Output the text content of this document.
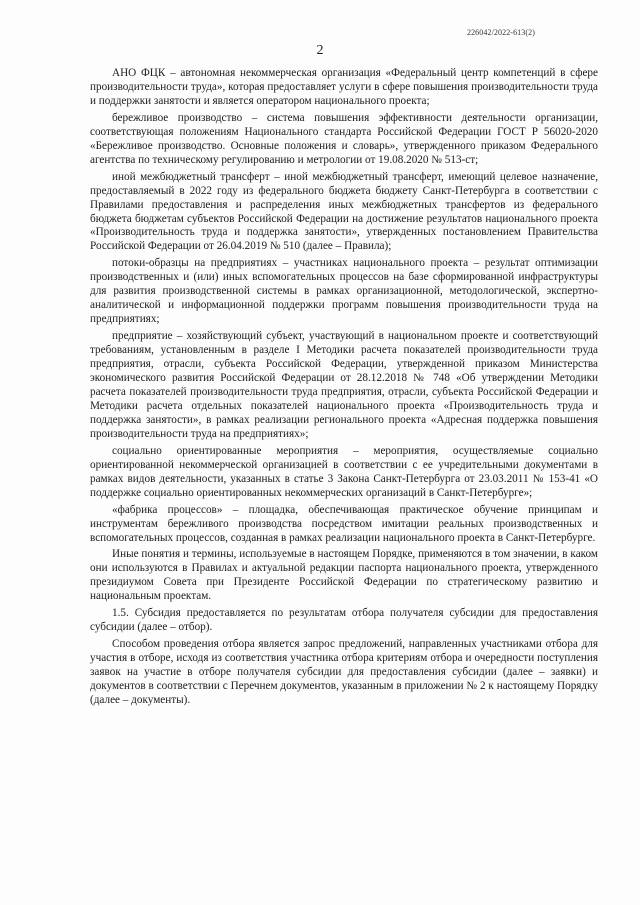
226042/2022-613(2)
2

АНО ФЦК – автономная некоммерческая организация «Федеральный центр компетенций в сфере производительности труда», которая предоставляет услуги в сфере повышения производительности труда и поддержки занятости и является оператором национального проекта;

бережливое производство – система повышения эффективности деятельности организации, соответствующая положениям Национального стандарта Российской Федерации ГОСТ Р 56020-2020 «Бережливое производство. Основные положения и словарь», утвержденного приказом Федерального агентства по техническому регулированию и метрологии от 19.08.2020 № 513-ст;

иной межбюджетный трансферт – иной межбюджетный трансферт, имеющий целевое назначение, предоставляемый в 2022 году из федерального бюджета бюджету Санкт-Петербурга в соответствии с Правилами предоставления и распределения иных межбюджетных трансфертов из федерального бюджета бюджетам субъектов Российской Федерации на достижение результатов национального проекта «Производительность труда и поддержка занятости», утвержденных постановлением Правительства Российской Федерации от 26.04.2019 № 510 (далее – Правила);

потоки-образцы на предприятиях – участниках национального проекта – результат оптимизации производственных и (или) иных вспомогательных процессов на базе сформированной инфраструктуры для развития производственной системы в рамках организационной, методологической, экспертно-аналитической и информационной поддержки программ повышения производительности труда на предприятиях;

предприятие – хозяйствующий субъект, участвующий в национальном проекте и соответствующий требованиям, установленным в разделе I Методики расчета показателей производительности труда предприятия, отрасли, субъекта Российской Федерации, утвержденной приказом Министерства экономического развития Российской Федерации от 28.12.2018 № 748 «Об утверждении Методики расчета показателей производительности труда предприятия, отрасли, субъекта Российской Федерации и Методики расчета отдельных показателей национального проекта «Производительность труда и поддержка занятости», в рамках реализации регионального проекта «Адресная поддержка повышения производительности труда на предприятиях»;

социально ориентированные мероприятия – мероприятия, осуществляемые социально ориентированной некоммерческой организацией в соответствии с ее учредительными документами в рамках видов деятельности, указанных в статье 3 Закона Санкт-Петербурга от 23.03.2011 № 153-41 «О поддержке социально ориентированных некоммерческих организаций в Санкт-Петербурге»;

«фабрика процессов» – площадка, обеспечивающая практическое обучение принципам и инструментам бережливого производства посредством имитации реальных производственных и вспомогательных процессов, созданная в рамках реализации национального проекта в Санкт-Петербурге.

Иные понятия и термины, используемые в настоящем Порядке, применяются в том значении, в каком они используются в Правилах и актуальной редакции паспорта национального проекта, утвержденного президиумом Совета при Президенте Российской Федерации по стратегическому развитию и национальным проектам.

1.5. Субсидия предоставляется по результатам отбора получателя субсидии для предоставления субсидии (далее – отбор).

Способом проведения отбора является запрос предложений, направленных участниками отбора для участия в отборе, исходя из соответствия участника отбора критериям отбора и очередности поступления заявок на участие в отборе получателя субсидии для предоставления субсидии (далее – заявки) и документов в соответствии с Перечнем документов, указанным в приложении № 2 к настоящему Порядку (далее – документы).
